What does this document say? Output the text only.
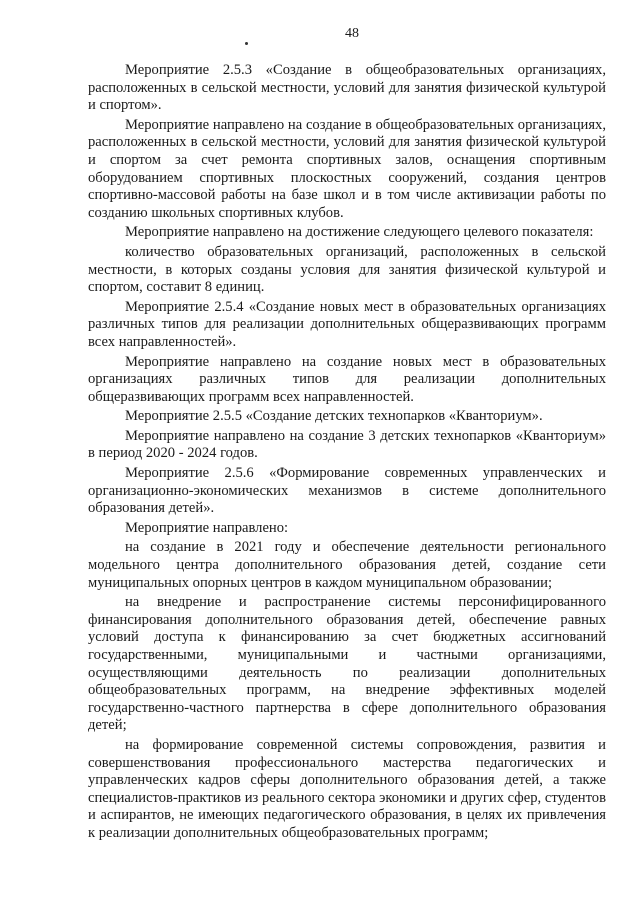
48

Мероприятие 2.5.3 «Создание в общеобразовательных организациях, расположенных в сельской местности, условий для занятия физической культурой и спортом».

Мероприятие направлено на создание в общеобразовательных организациях, расположенных в сельской местности, условий для занятия физической культурой и спортом за счет ремонта спортивных залов, оснащения спортивным оборудованием спортивных плоскостных сооружений, создания центров спортивно-массовой работы на базе школ и в том числе активизации работы по созданию школьных спортивных клубов.

Мероприятие направлено на достижение следующего целевого показателя:

количество образовательных организаций, расположенных в сельской местности, в которых созданы условия для занятия физической культурой и спортом, составит 8 единиц.

Мероприятие 2.5.4 «Создание новых мест в образовательных организациях различных типов для реализации дополнительных общеразвивающих программ всех направленностей».

Мероприятие направлено на создание новых мест в образовательных организациях различных типов для реализации дополнительных общеразвивающих программ всех направленностей.

Мероприятие 2.5.5 «Создание детских технопарков «Кванториум».

Мероприятие направлено на создание 3 детских технопарков «Кванториум» в период 2020 - 2024 годов.

Мероприятие 2.5.6 «Формирование современных управленческих и организационно-экономических механизмов в системе дополнительного образования детей».

Мероприятие направлено:

на создание в 2021 году и обеспечение деятельности регионального модельного центра дополнительного образования детей, создание сети муниципальных опорных центров в каждом муниципальном образовании;

на внедрение и распространение системы персонифицированного финансирования дополнительного образования детей, обеспечение равных условий доступа к финансированию за счет бюджетных ассигнований государственными, муниципальными и частными организациями, осуществляющими деятельность по реализации дополнительных общеобразовательных программ, на внедрение эффективных моделей государственно-частного партнерства в сфере дополнительного образования детей;

на формирование современной системы сопровождения, развития и совершенствования профессионального мастерства педагогических и управленческих кадров сферы дополнительного образования детей, а также специалистов-практиков из реального сектора экономики и других сфер, студентов и аспирантов, не имеющих педагогического образования, в целях их привлечения к реализации дополнительных общеобразовательных программ;
